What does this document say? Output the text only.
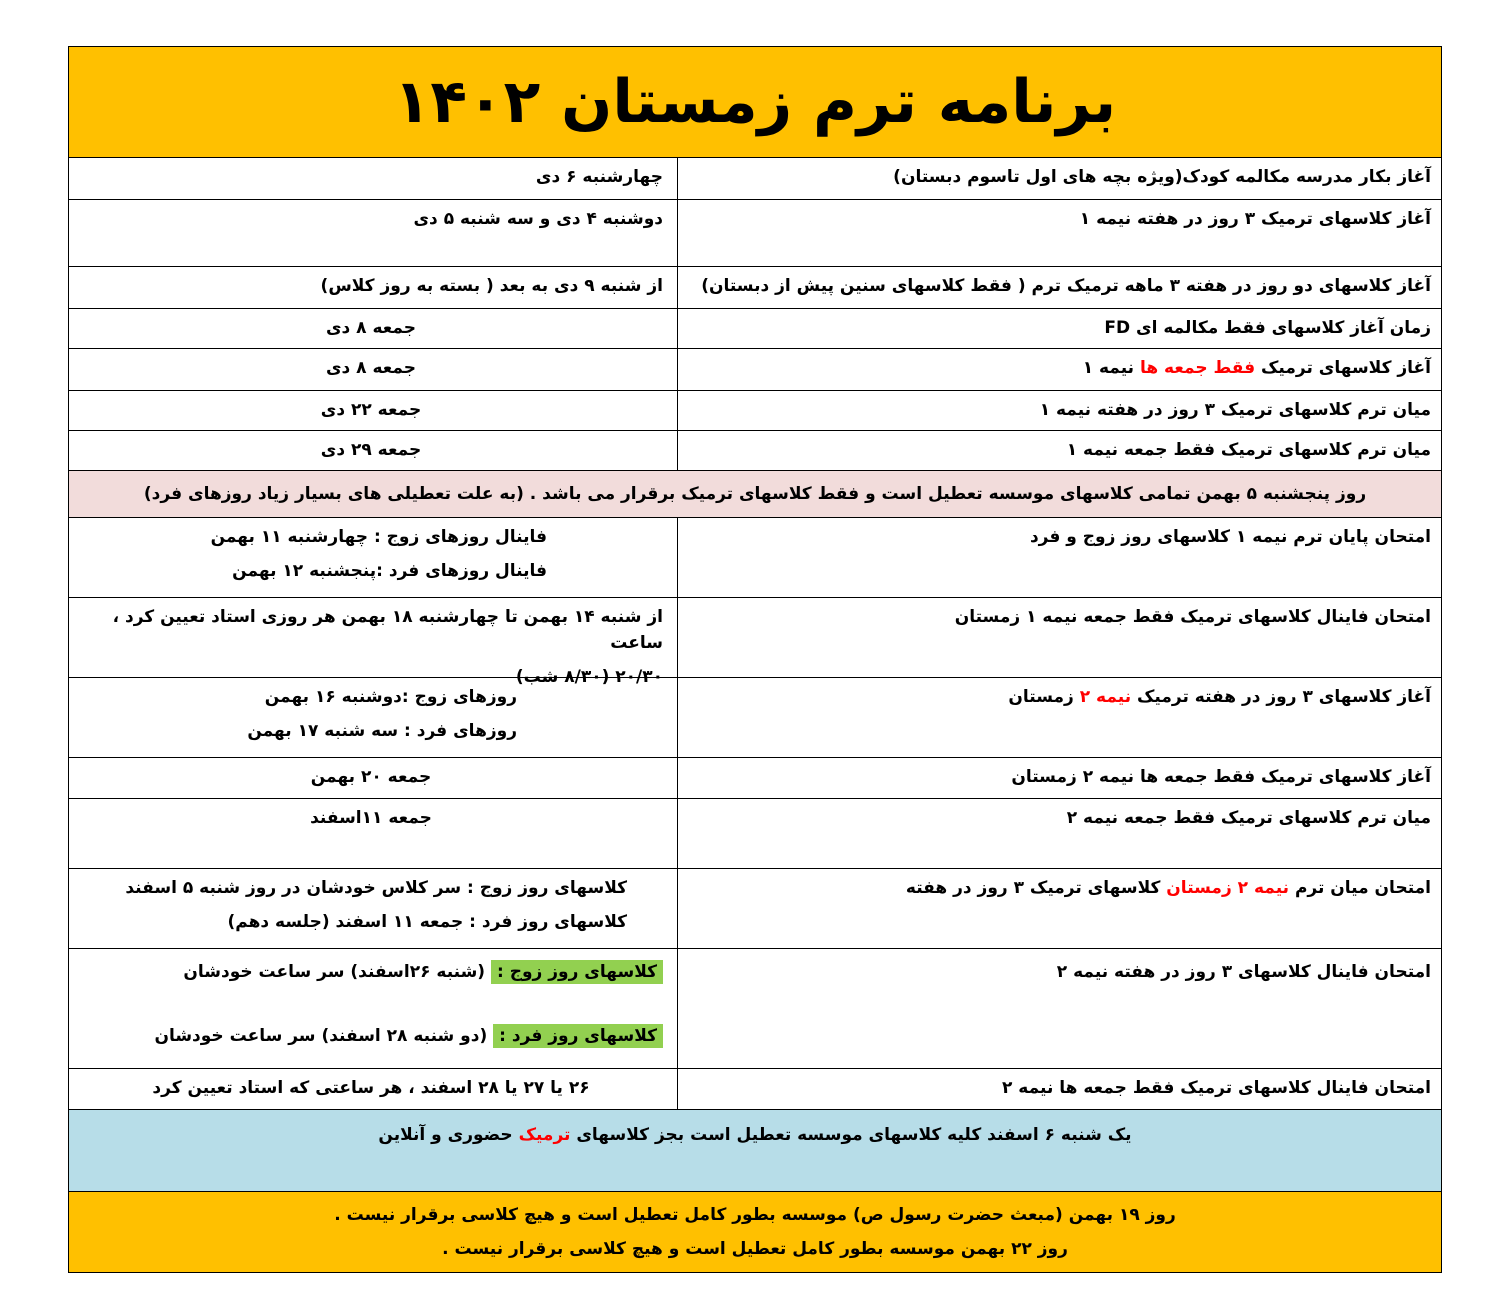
برنامه ترم زمستان ۱۴۰۲
آغاز بکار مدرسه مکالمه کودک(ویژه بچه های اول تاسوم دبستان)
چهارشنبه ۶ دی
آغاز کلاسهای ترمیک ۳ روز در هفته نیمه ۱
دوشنبه ۴ دی و سه شنبه ۵ دی
آغاز کلاسهای دو روز در هفته ۳ ماهه ترمیک ترم ( فقط کلاسهای سنین پیش از دبستان)
از شنبه ۹ دی به بعد ( بسته به روز کلاس)
زمان آغاز کلاسهای فقط مکالمه ای FD
جمعه ۸ دی
آغاز کلاسهای ترمیک فقط جمعه ها نیمه ۱
جمعه ۸ دی
میان ترم کلاسهای ترمیک ۳ روز در هفته نیمه ۱
جمعه ۲۲ دی
میان ترم کلاسهای ترمیک فقط جمعه نیمه ۱
جمعه ۲۹ دی
روز پنجشنبه ۵ بهمن تمامی کلاسهای موسسه تعطیل است و فقط کلاسهای ترمیک برقرار می باشد . (به علت تعطیلی های بسیار زیاد روزهای فرد)
امتحان پایان ترم نیمه ۱ کلاسهای روز زوج و فرد
فاینال روزهای زوج : چهارشنبه ۱۱ بهمن
فاینال روزهای فرد :پنجشنبه ۱۲ بهمن
امتحان فاینال کلاسهای ترمیک فقط جمعه نیمه ۱ زمستان
از شنبه ۱۴ بهمن تا چهارشنبه ۱۸ بهمن هر روزی استاد تعیین کرد ، ساعت
۲۰/۳۰ (۸/۳۰ شب)
آغاز کلاسهای ۳ روز در هفته ترمیک نیمه ۲ زمستان
روزهای زوج :دوشنبه ۱۶ بهمن
روزهای فرد : سه شنبه ۱۷ بهمن
آغاز کلاسهای ترمیک فقط جمعه ها نیمه ۲ زمستان
جمعه ۲۰ بهمن
میان ترم کلاسهای ترمیک فقط جمعه نیمه ۲
جمعه ۱۱اسفند
امتحان میان ترم نیمه ۲ زمستان کلاسهای ترمیک ۳ روز در هفته
کلاسهای روز زوج : سر کلاس خودشان در روز شنبه ۵ اسفند
کلاسهای روز فرد : جمعه ۱۱ اسفند (جلسه دهم)
امتحان فاینال کلاسهای ۳ روز در هفته نیمه ۲
کلاسهای روز زوج : (شنبه ۲۶اسفند) سر ساعت خودشان
کلاسهای روز فرد : (دو شنبه ۲۸ اسفند) سر ساعت خودشان
امتحان فاینال کلاسهای ترمیک فقط جمعه ها نیمه ۲
۲۶ یا ۲۷ یا ۲۸ اسفند ، هر ساعتی که استاد تعیین کرد
یک شنبه ۶ اسفند کلیه کلاسهای موسسه تعطیل است بجز کلاسهای ترمیک حضوری و آنلاین
روز ۱۹ بهمن (مبعث حضرت رسول ص) موسسه بطور کامل تعطیل است و هیچ کلاسی برقرار نیست .
روز ۲۲ بهمن موسسه بطور کامل تعطیل است و هیچ کلاسی برقرار نیست .
